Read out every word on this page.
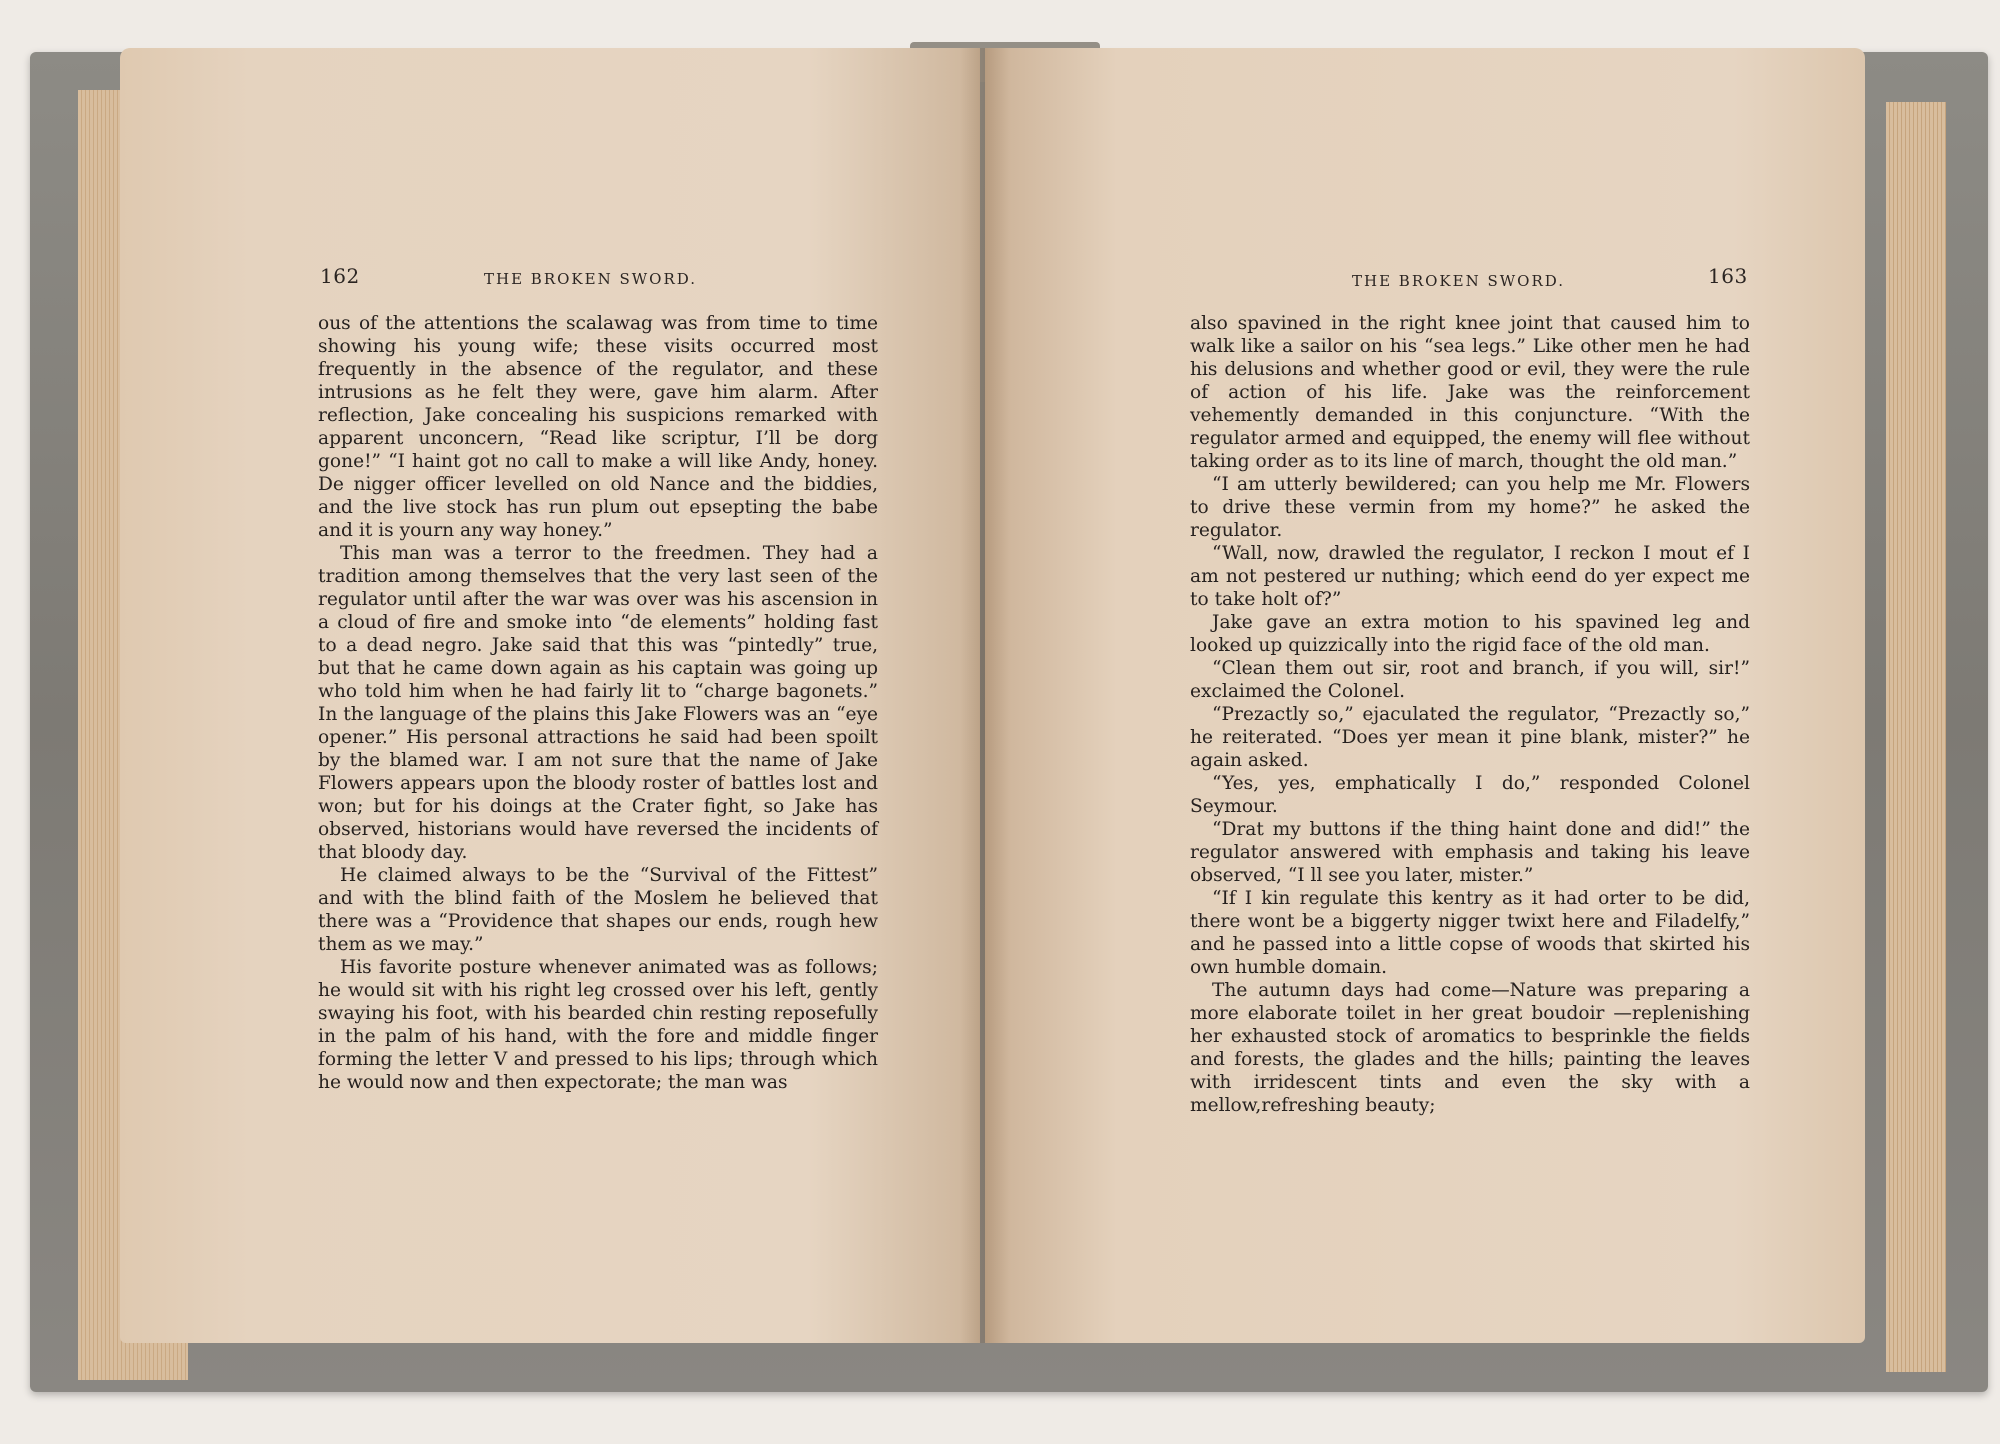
162	THE BROKEN SWORD.	THE BROKEN SWORD.	163

ous of the attentions the scalawag was from time to time showing his young wife; these visits occurred most frequently in the absence of the regulator, and these intrusions as he felt they were, gave him alarm. After reflection, Jake concealing his suspicions remarked with apparent unconcern, “Read like scriptur, I’ll be dorg gone!” “I haint got no call to make a will like Andy, honey. De nigger officer levelled on old Nance and the biddies, and the live stock has run plum out epsepting the babe and it is yourn any way honey.”

This man was a terror to the freedmen. They had a tradition among themselves that the very last seen of the regulator until after the war was over was his ascension in a cloud of fire and smoke into “de elements” holding fast to a dead negro. Jake said that this was “pintedly” true, but that he came down again as his captain was going up who told him when he had fairly lit to “charge bagonets.” In the language of the plains this Jake Flowers was an “eye opener.” His personal attractions he said had been spoilt by the blamed war. I am not sure that the name of Jake Flowers appears upon the bloody roster of battles lost and won; but for his doings at the Crater fight, so Jake has observed, historians would have reversed the incidents of that bloody day.

He claimed always to be the “Survival of the Fittest” and with the blind faith of the Moslem he believed that there was a “Providence that shapes our ends, rough hew them as we may.”

His favorite posture whenever animated was as follows; he would sit with his right leg crossed over his left, gently swaying his foot, with his bearded chin resting reposefully in the palm of his hand, with the fore and middle finger forming the letter V and pressed to his lips; through which he would now and then expectorate; the man was

also spavined in the right knee joint that caused him to walk like a sailor on his “sea legs.” Like other men he had his delusions and whether good or evil, they were the rule of action of his life. Jake was the reinforcement vehemently demanded in this conjuncture. “With the regulator armed and equipped, the enemy will flee without taking order as to its line of march, thought the old man.”

“I am utterly bewildered; can you help me Mr. Flowers to drive these vermin from my home?” he asked the regulator.

“Wall, now, drawled the regulator, I reckon I mout ef I am not pestered ur nuthing; which eend do yer expect me to take holt of?”

Jake gave an extra motion to his spavined leg and looked up quizzically into the rigid face of the old man.

“Clean them out sir, root and branch, if you will, sir!” exclaimed the Colonel.

“Prezactly so,” ejaculated the regulator, “Prezactly so,” he reiterated. “Does yer mean it pine blank, mister?” he again asked.

“Yes, yes, emphatically I do,” responded Colonel Seymour.

“Drat my buttons if the thing haint done and did!” the regulator answered with emphasis and taking his leave observed, “I ll see you later, mister.”

“If I kin regulate this kentry as it had orter to be did, there wont be a biggerty nigger twixt here and Filadelfy,” and he passed into a little copse of woods that skirted his own humble domain.

The autumn days had come—Nature was preparing a more elaborate toilet in her great boudoir —replenishing her exhausted stock of aromatics to besprinkle the fields and forests, the glades and the hills; painting the leaves with irridescent tints and even the sky with a mellow,refreshing beauty;
